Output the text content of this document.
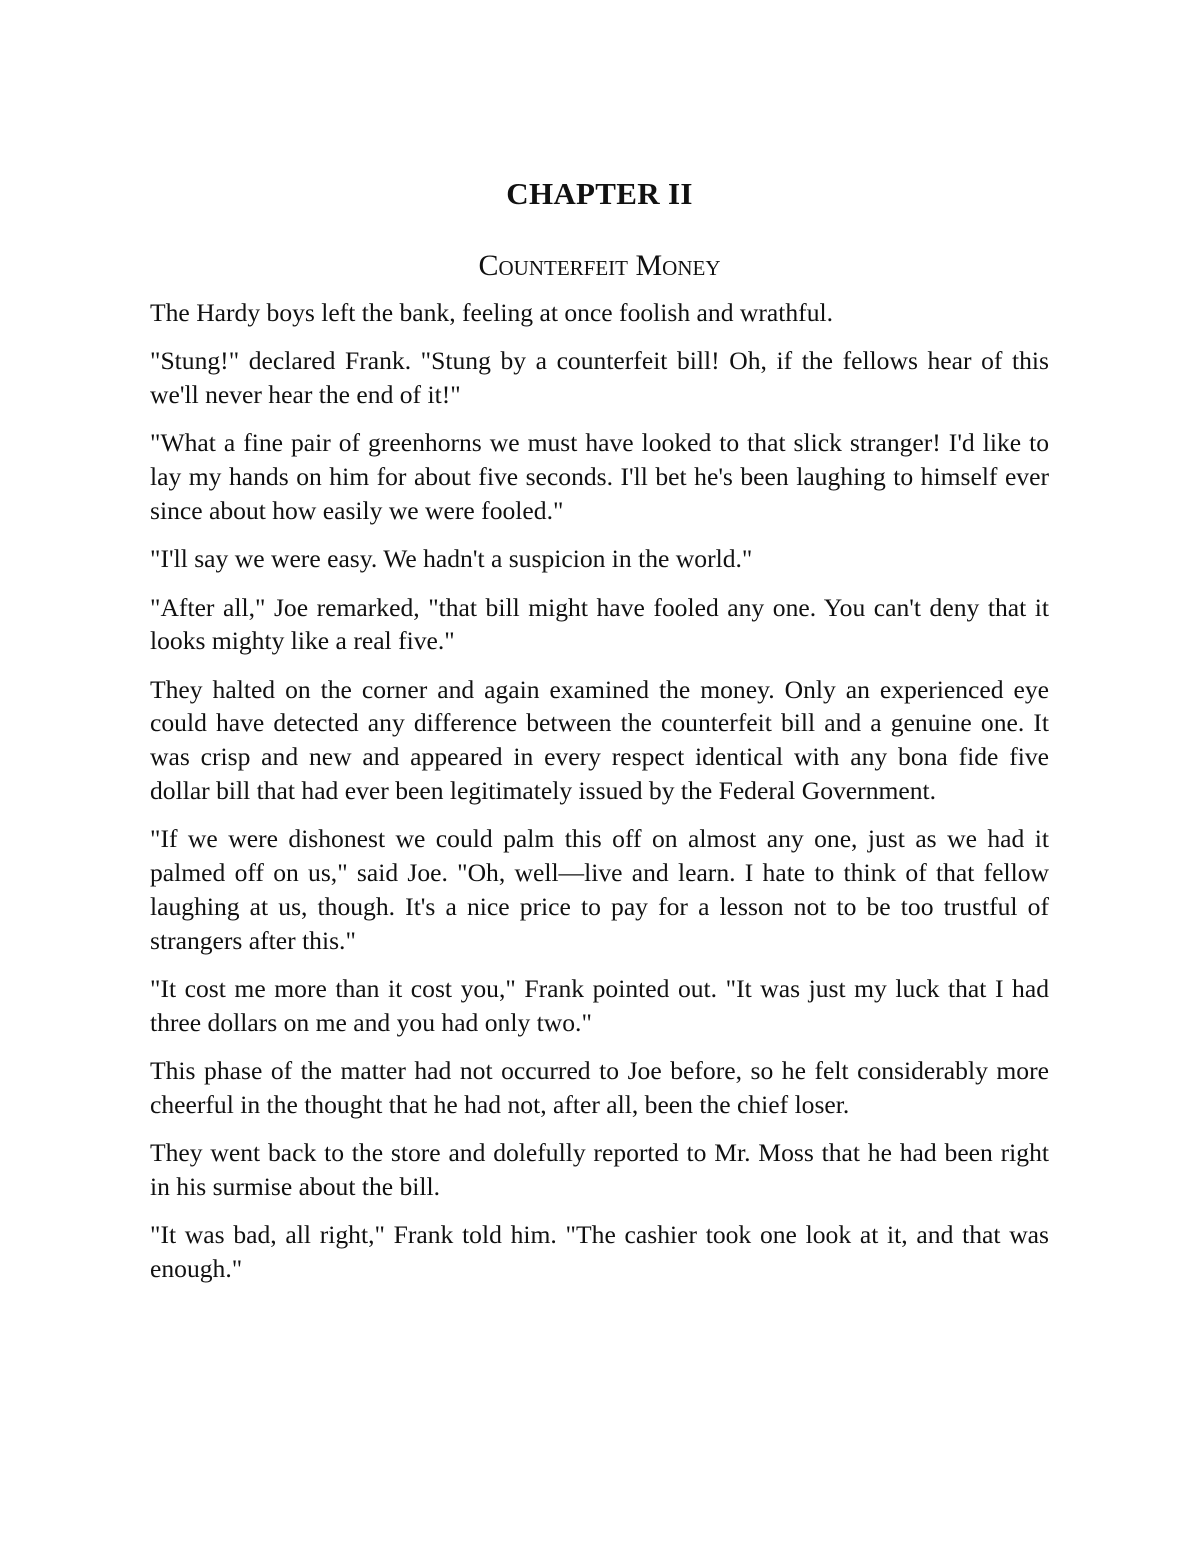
CHAPTER II
Counterfeit Money

The Hardy boys left the bank, feeling at once foolish and wrathful.

"Stung!" declared Frank. "Stung by a counterfeit bill! Oh, if the fellows hear of this we'll never hear the end of it!"

"What a fine pair of greenhorns we must have looked to that slick stranger! I'd like to lay my hands on him for about five seconds. I'll bet he's been laughing to himself ever since about how easily we were fooled."

"I'll say we were easy. We hadn't a suspicion in the world."

"After all," Joe remarked, "that bill might have fooled any one. You can't deny that it looks mighty like a real five."

They halted on the corner and again examined the money. Only an experienced eye could have detected any difference between the counterfeit bill and a genuine one. It was crisp and new and appeared in every respect identical with any bona fide five dollar bill that had ever been legitimately issued by the Federal Government.

"If we were dishonest we could palm this off on almost any one, just as we had it palmed off on us," said Joe. "Oh, well—live and learn. I hate to think of that fellow laughing at us, though. It's a nice price to pay for a lesson not to be too trustful of strangers after this."

"It cost me more than it cost you," Frank pointed out. "It was just my luck that I had three dollars on me and you had only two."

This phase of the matter had not occurred to Joe before, so he felt considerably more cheerful in the thought that he had not, after all, been the chief loser.

They went back to the store and dolefully reported to Mr. Moss that he had been right in his surmise about the bill.

"It was bad, all right," Frank told him. "The cashier took one look at it, and that was enough."
